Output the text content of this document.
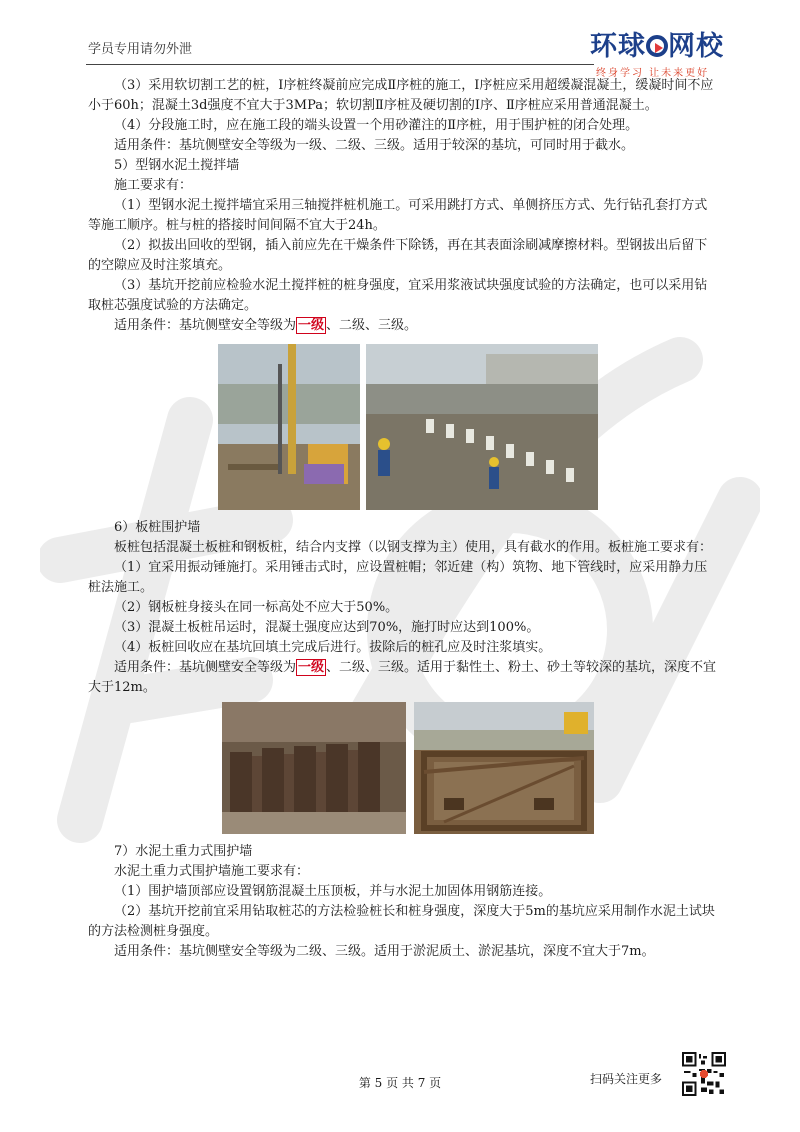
学员专用请勿外泄	环球 网校
终身学习 让未来更好

（3）采用软切割工艺的桩，I序桩终凝前应完成Ⅱ序桩的施工，I序桩应采用超缓凝混凝土，缓凝时间不应小于60h；混凝土3d强度不宜大于3MPa；软切割Ⅱ序桩及硬切割的I序、Ⅱ序桩应采用普通混凝土。

（4）分段施工时，应在施工段的端头设置一个用砂灌注的Ⅱ序桩，用于围护桩的闭合处理。

适用条件：基坑侧壁安全等级为一级、二级、三级。适用于较深的基坑，可同时用于截水。

5）型钢水泥土搅拌墙

施工要求有：

（1）型钢水泥土搅拌墙宜采用三轴搅拌桩机施工。可采用跳打方式、单侧挤压方式、先行钻孔套打方式等施工顺序。桩与桩的搭接时间间隔不宜大于24h。

（2）拟拔出回收的型钢，插入前应先在干燥条件下除锈，再在其表面涂刷减摩擦材料。型钢拔出后留下的空隙应及时注浆填充。

（3）基坑开挖前应检验水泥土搅拌桩的桩身强度，宜采用浆液试块强度试验的方法确定，也可以采用钻取桩芯强度试验的方法确定。

适用条件：基坑侧壁安全等级为 一级 、二级、三级。

6）板桩围护墙

板桩包括混凝土板桩和钢板桩，结合内支撑（以钢支撑为主）使用，具有截水的作用。板桩施工要求有：

（1）宜采用振动锤施打。采用锤击式时，应设置桩帽；邻近建（构）筑物、地下管线时，应采用静力压桩法施工。

（2）钢板桩身接头在同一标高处不应大于50%。

（3）混凝土板桩吊运时，混凝土强度应达到70%，施打时应达到100%。

（4）板桩回收应在基坑回填土完成后进行。拔除后的桩孔应及时注浆填实。

适用条件：基坑侧壁安全等级为 一级 、二级、三级。适用于黏性土、粉土、砂土等较深的基坑，深度不宜大于12m。

7）水泥土重力式围护墙

水泥土重力式围护墙施工要求有：

（1）围护墙顶部应设置钢筋混凝土压顶板，并与水泥土加固体用钢筋连接。

（2）基坑开挖前宜采用钻取桩芯的方法检验桩长和桩身强度，深度大于5m的基坑应采用制作水泥土试块的方法检测桩身强度。

适用条件：基坑侧壁安全等级为二级、三级。适用于淤泥质土、淤泥基坑，深度不宜大于7m。

第 5 页 共 7 页	扫码关注更多
